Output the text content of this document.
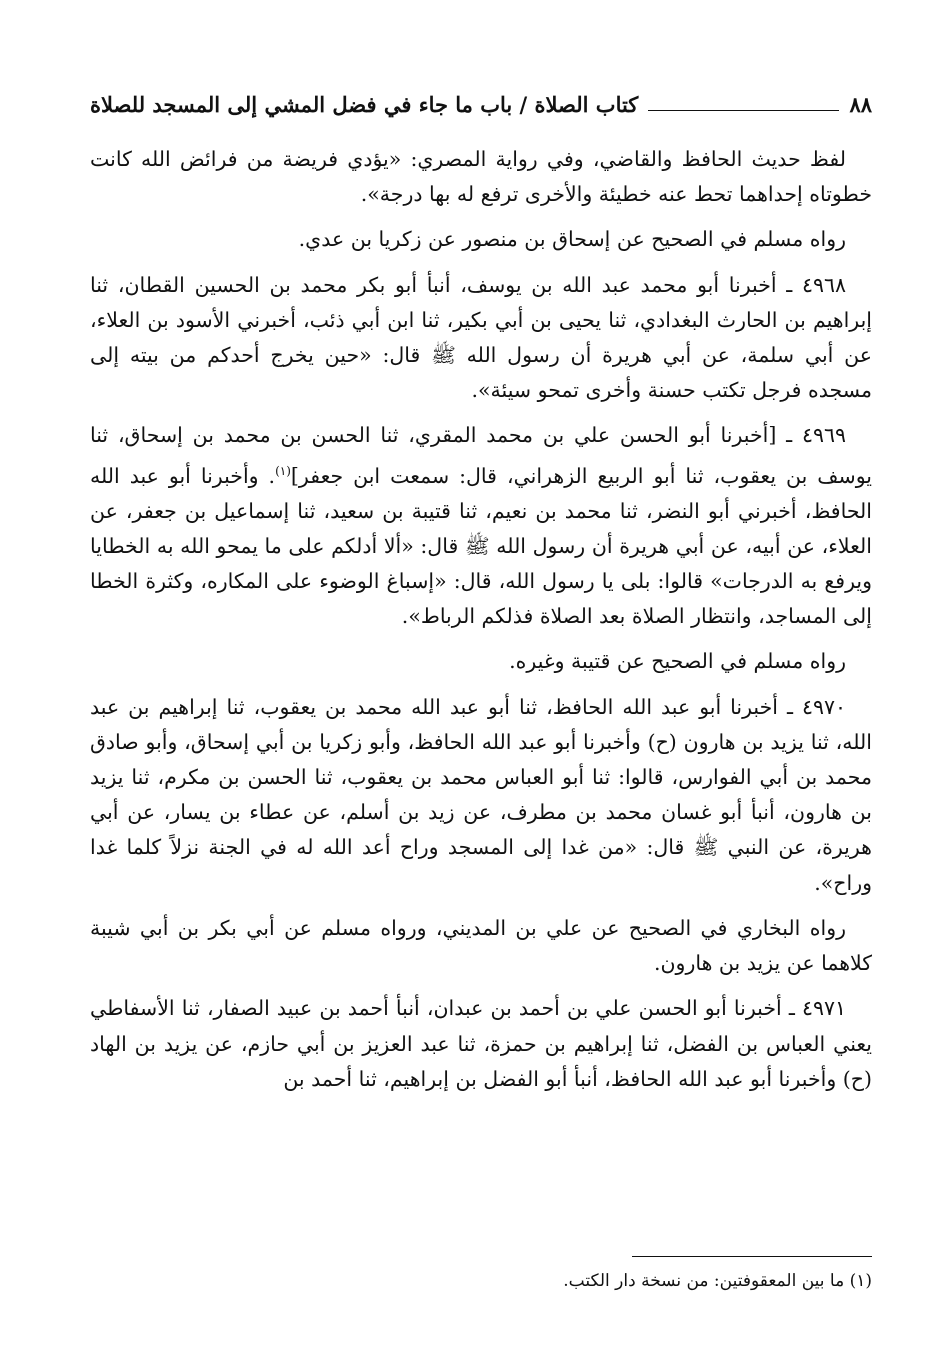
٨٨
كتاب الصلاة / باب ما جاء في فضل المشي إلى المسجد للصلاة

لفظ حديث الحافظ والقاضي، وفي رواية المصري: «يؤدي فريضة من فرائض الله كانت خطوتاه إحداهما تحط عنه خطيئة والأخرى ترفع له بها درجة».

رواه مسلم في الصحيح عن إسحاق بن منصور عن زكريا بن عدي.

٤٩٦٨ ـ أخبرنا أبو محمد عبد الله بن يوسف، أنبأ أبو بكر محمد بن الحسين القطان، ثنا إبراهيم بن الحارث البغدادي، ثنا يحيى بن أبي بكير، ثنا ابن أبي ذئب، أخبرني الأسود بن العلاء، عن أبي سلمة، عن أبي هريرة أن رسول الله ﷺ قال: «حين يخرج أحدكم من بيته إلى مسجده فرجل تكتب حسنة وأخرى تمحو سيئة».

٤٩٦٩ ـ [أخبرنا أبو الحسن علي بن محمد المقري، ثنا الحسن بن محمد بن إسحاق، ثنا يوسف بن يعقوب، ثنا أبو الربيع الزهراني، قال: سمعت ابن جعفر]$^{(١)}$. وأخبرنا أبو عبد الله الحافظ، أخبرني أبو النضر، ثنا محمد بن نعيم، ثنا قتيبة بن سعيد، ثنا إسماعيل بن جعفر، عن العلاء، عن أبيه، عن أبي هريرة أن رسول الله ﷺ قال: «ألا أدلكم على ما يمحو الله به الخطايا ويرفع به الدرجات» قالوا: بلى يا رسول الله، قال: «إسباغ الوضوء على المكاره، وكثرة الخطا إلى المساجد، وانتظار الصلاة بعد الصلاة فذلكم الرباط».

رواه مسلم في الصحيح عن قتيبة وغيره.

٤٩٧٠ ـ أخبرنا أبو عبد الله الحافظ، ثنا أبو عبد الله محمد بن يعقوب، ثنا إبراهيم بن عبد الله، ثنا يزيد بن هارون (ح) وأخبرنا أبو عبد الله الحافظ، وأبو زكريا بن أبي إسحاق، وأبو صادق محمد بن أبي الفوارس، قالوا: ثنا أبو العباس محمد بن يعقوب، ثنا الحسن بن مكرم، ثنا يزيد بن هارون، أنبأ أبو غسان محمد بن مطرف، عن زيد بن أسلم، عن عطاء بن يسار، عن أبي هريرة، عن النبي ﷺ قال: «من غدا إلى المسجد وراح أعد الله له في الجنة نزلاً كلما غدا وراح».

رواه البخاري في الصحيح عن علي بن المديني، ورواه مسلم عن أبي بكر بن أبي شيبة كلاهما عن يزيد بن هارون.

٤٩٧١ ـ أخبرنا أبو الحسن علي بن أحمد بن عبدان، أنبأ أحمد بن عبيد الصفار، ثنا الأسفاطي يعني العباس بن الفضل، ثنا إبراهيم بن حمزة، ثنا عبد العزيز بن أبي حازم، عن يزيد بن الهاد (ح) وأخبرنا أبو عبد الله الحافظ، أنبأ أبو الفضل بن إبراهيم، ثنا أحمد بن

(١) ما بين المعقوفتين: من نسخة دار الكتب.
